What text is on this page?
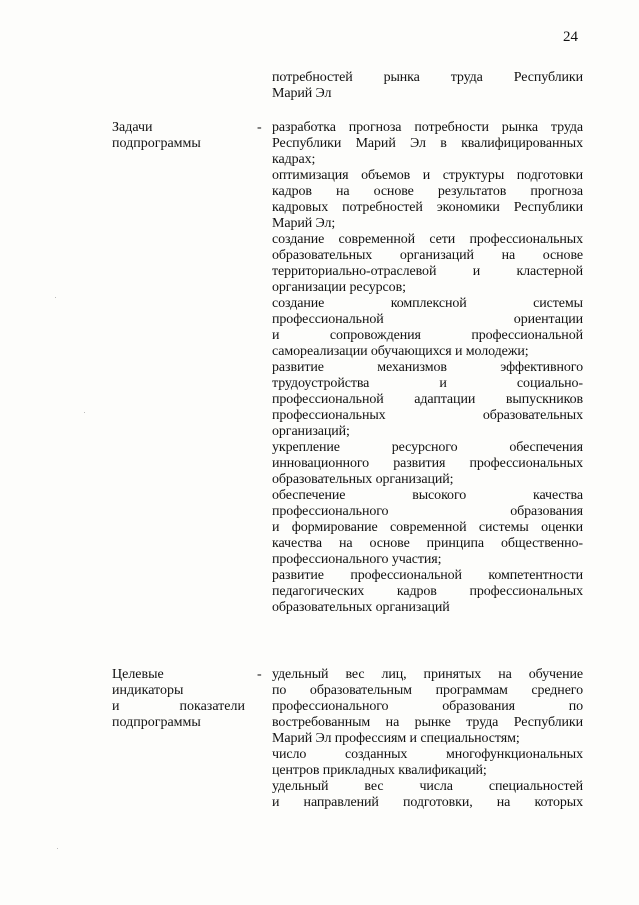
24
потребностей рынка труда Республики
Марий Эл
Задачи
подпрограммы
- разработка прогноза потребности рынка труда
Республики Марий Эл в квалифицированных
кадрах;
оптимизация объемов и структуры подготовки
кадров на основе результатов прогноза
кадровых потребностей экономики Республики
Марий Эл;
создание современной сети профессиональных
образовательных организаций на основе
территориально-отраслевой и кластерной
организации ресурсов;
создание комплексной системы
профессиональной ориентации
и сопровождения профессиональной
самореализации обучающихся и молодежи;
развитие механизмов эффективного
трудоустройства и социально-
профессиональной адаптации выпускников
профессиональных образовательных
организаций;
укрепление ресурсного обеспечения
инновационного развития профессиональных
образовательных организаций;
обеспечение высокого качества
профессионального образования
и формирование современной системы оценки
качества на основе принципа общественно-
профессионального участия;
развитие профессиональной компетентности
педагогических кадров профессиональных
образовательных организаций
Целевые
индикаторы
и показатели
подпрограммы
- удельный вес лиц, принятых на обучение
по образовательным программам среднего
профессионального образования по
востребованным на рынке труда Республики
Марий Эл профессиям и специальностям;
число созданных многофункциональных
центров прикладных квалификаций;
удельный вес числа специальностей
и направлений подготовки, на которых
